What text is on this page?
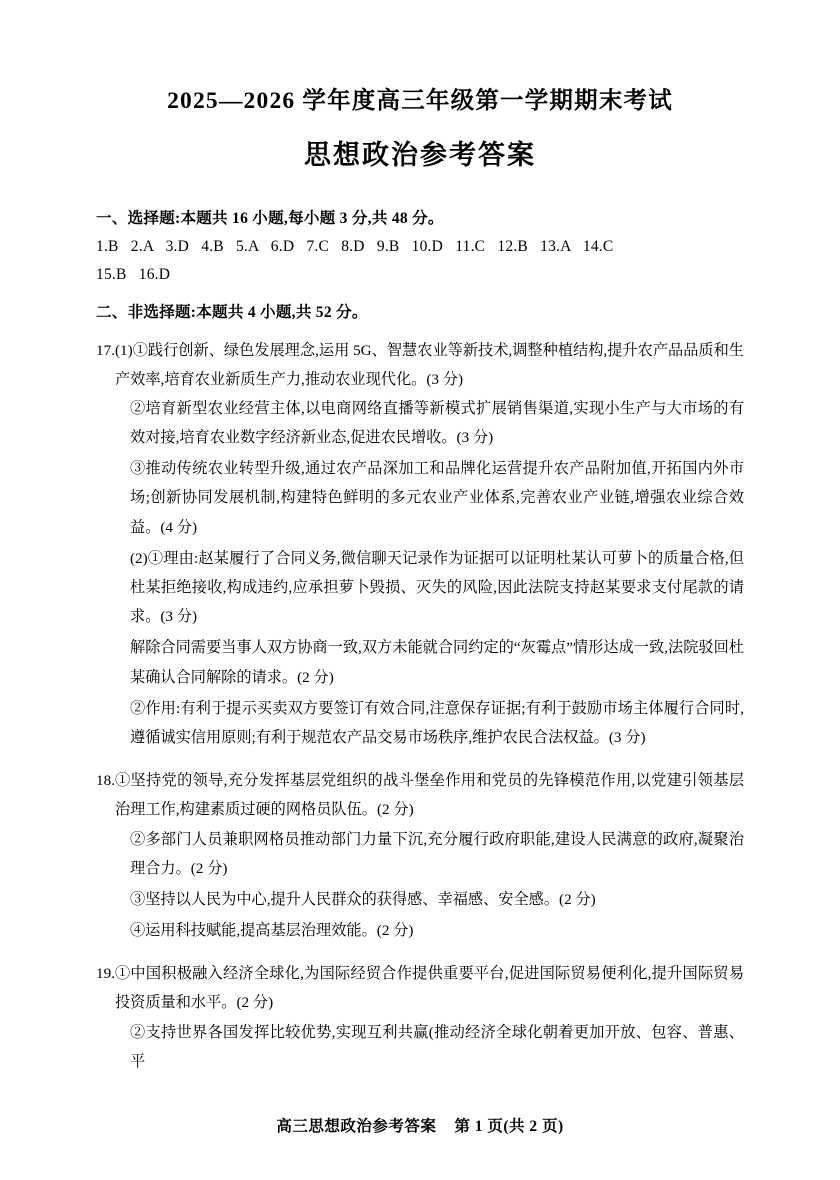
2025—2026 学年度高三年级第一学期期末考试
思想政治参考答案
一、选择题:本题共 16 小题,每小题 3 分,共 48 分。
1.B   2.A   3.D   4.B   5.A   6.D   7.C   8.D   9.B   10.D   11.C   12.B   13.A   14.C
15.B   16.D
二、非选择题:本题共 4 小题,共 52 分。
17. (1)①践行创新、绿色发展理念,运用 5G、智慧农业等新技术,调整种植结构,提升农产品品质和生产效率,培育农业新质生产力,推动农业现代化。(3 分)
②培育新型农业经营主体,以电商网络直播等新模式扩展销售渠道,实现小生产与大市场的有效对接,培育农业数字经济新业态,促进农民增收。(3 分)
③推动传统农业转型升级,通过农产品深加工和品牌化运营提升农产品附加值,开拓国内外市场;创新协同发展机制,构建特色鲜明的多元农业产业体系,完善农业产业链,增强农业综合效益。(4 分)
(2)①理由:赵某履行了合同义务,微信聊天记录作为证据可以证明杜某认可萝卜的质量合格,但杜某拒绝接收,构成违约,应承担萝卜毁损、灭失的风险,因此法院支持赵某要求支付尾款的请求。(3 分)
解除合同需要当事人双方协商一致,双方未能就合同约定的“灰霉点”情形达成一致,法院驳回杜某确认合同解除的请求。(2 分)
②作用:有利于提示买卖双方要签订有效合同,注意保存证据;有利于鼓励市场主体履行合同时,遵循诚实信用原则;有利于规范农产品交易市场秩序,维护农民合法权益。(3 分)
18. ①坚持党的领导,充分发挥基层党组织的战斗堡垒作用和党员的先锋模范作用,以党建引领基层治理工作,构建素质过硬的网格员队伍。(2 分)
②多部门人员兼职网格员推动部门力量下沉,充分履行政府职能,建设人民满意的政府,凝聚治理合力。(2 分)
③坚持以人民为中心,提升人民群众的获得感、幸福感、安全感。(2 分)
④运用科技赋能,提高基层治理效能。(2 分)
19. ①中国积极融入经济全球化,为国际经贸合作提供重要平台,促进国际贸易便利化,提升国际贸易投资质量和水平。(2 分)
②支持世界各国发挥比较优势,实现互利共赢(推动经济全球化朝着更加开放、包容、普惠、平
高三思想政治参考答案 第 1 页(共 2 页)
